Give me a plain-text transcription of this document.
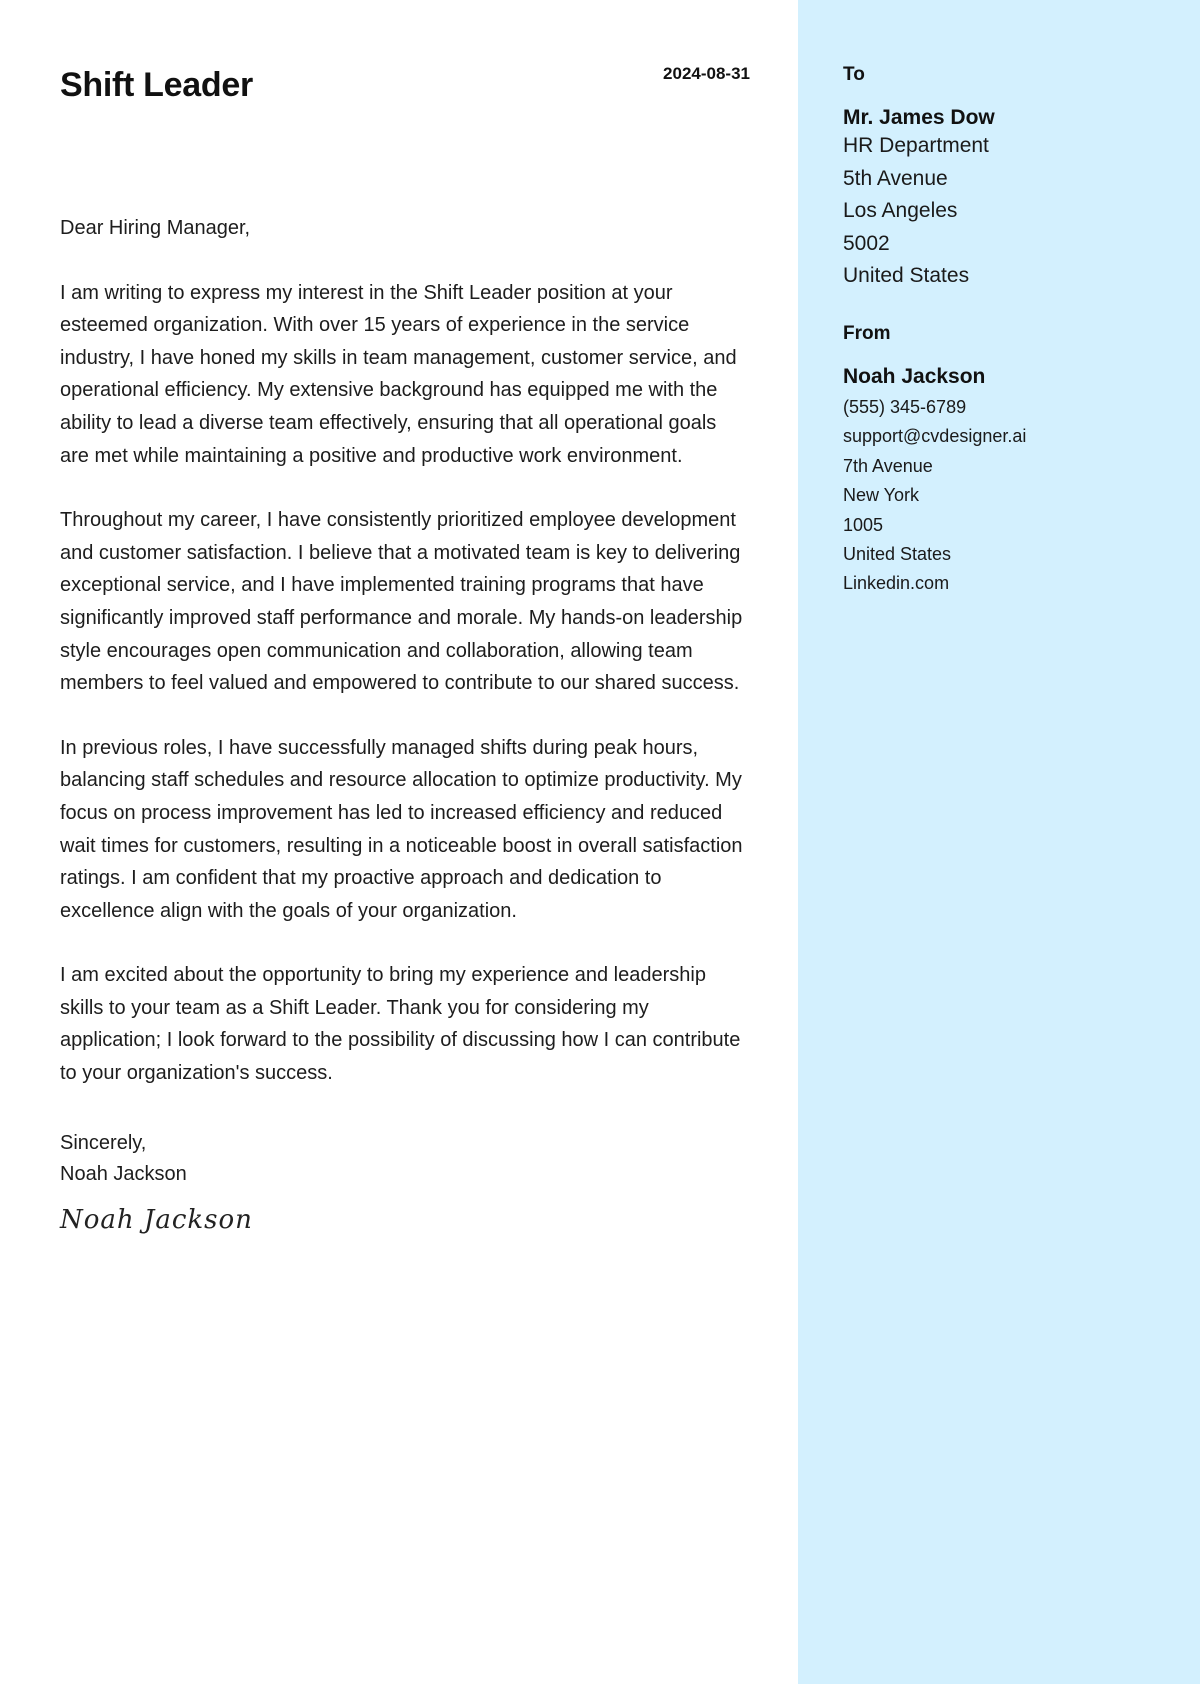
Shift Leader	2024-08-31

Dear Hiring Manager,

I am writing to express my interest in the Shift Leader position at your esteemed organization. With over 15 years of experience in the service industry, I have honed my skills in team management, customer service, and operational efficiency. My extensive background has equipped me with the ability to lead a diverse team effectively, ensuring that all operational goals are met while maintaining a positive and productive work environment.

Throughout my career, I have consistently prioritized employee development and customer satisfaction. I believe that a motivated team is key to delivering exceptional service, and I have implemented training programs that have significantly improved staff performance and morale. My hands-on leadership style encourages open communication and collaboration, allowing team members to feel valued and empowered to contribute to our shared success.

In previous roles, I have successfully managed shifts during peak hours, balancing staff schedules and resource allocation to optimize productivity. My focus on process improvement has led to increased efficiency and reduced wait times for customers, resulting in a noticeable boost in overall satisfaction ratings. I am confident that my proactive approach and dedication to excellence align with the goals of your organization.

I am excited about the opportunity to bring my experience and leadership skills to your team as a Shift Leader. Thank you for considering my application; I look forward to the possibility of discussing how I can contribute to your organization's success.

Sincerely,
Noah Jackson
Noah Jackson
To
Mr. James Dow
HR Department
5th Avenue
Los Angeles
5002
United States
From
Noah Jackson
(555) 345-6789
support@cvdesigner.ai
7th Avenue
New York
1005
United States
Linkedin.com
